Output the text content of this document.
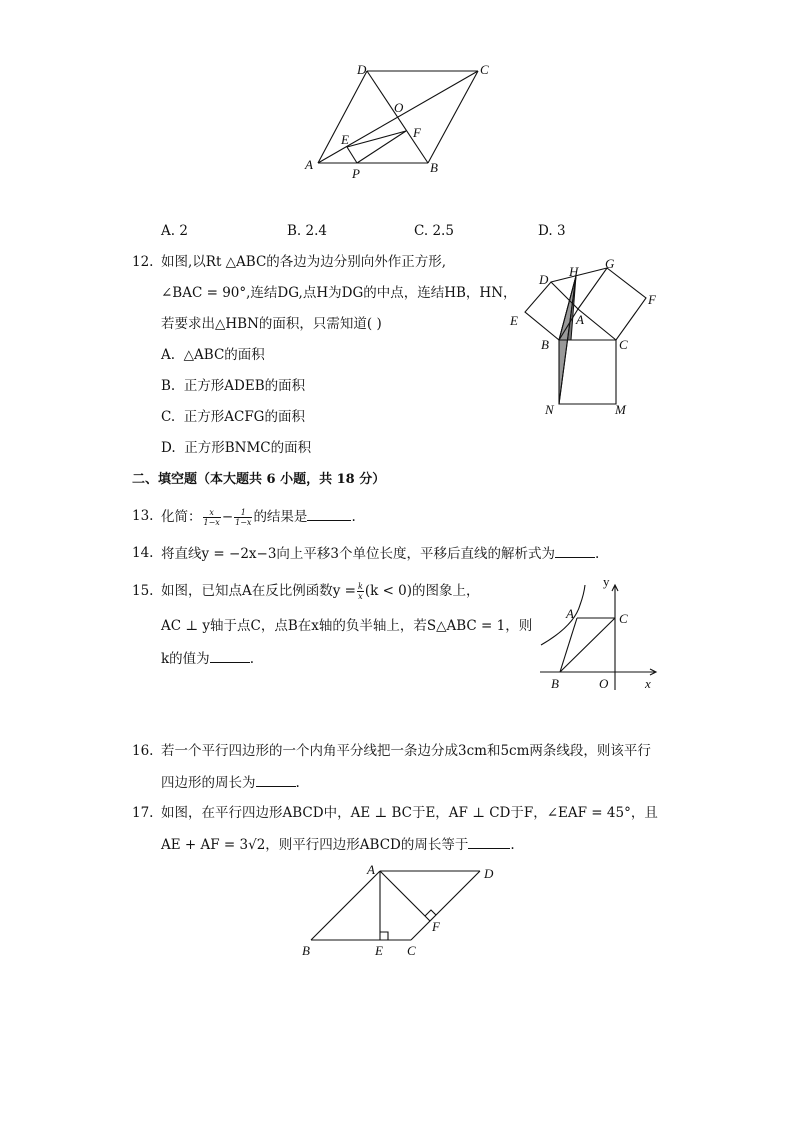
D	C
O
E	F
A
P	B
A. 2	B. 2.4	C. 2.5	D. 3
12. 如图,以Rt △ABC的各边为边分别向外作正方形,
∠BAC = 90°,连结DG,点H为DG的中点，连结HB，HN，
若要求出△HBN的面积，只需知道( )
A. △ABC的面积
B. 正方形ADEB的面积
C. 正方形ACFG的面积
D. 正方形BNMC的面积
D
H
G
F
E	A
B	C
N	M
二、填空题（本大题共 6 小题，共 18 分）
13. 化简： $\frac{x}{1-x} - \frac{1}{1-x}$ 的结果是	.
14. 将直线y = −2x−3向上平移3个单位长度，平移后直线的解析式为	.
15. 如图，已知点A在反比例函数$y = \frac{k}{x} (k < 0)$的图象上，
AC ⊥ y轴于点C，点B在x轴的负半轴上，若S△ABC = 1，则
k的值为	.
y
A	C
B	O	x
16. 若一个平行四边形的一个内角平分线把一条边分成3cm和5cm两条线段，则该平行
四边形的周长为	.
17. 如图，在平行四边形ABCD中，AE ⊥ BC于E，AF ⊥ CD于F，∠EAF = 45°，且
AE + AF = 3√2，则平行四边形ABCD的周长等于	.
A	D
F
B	E C
